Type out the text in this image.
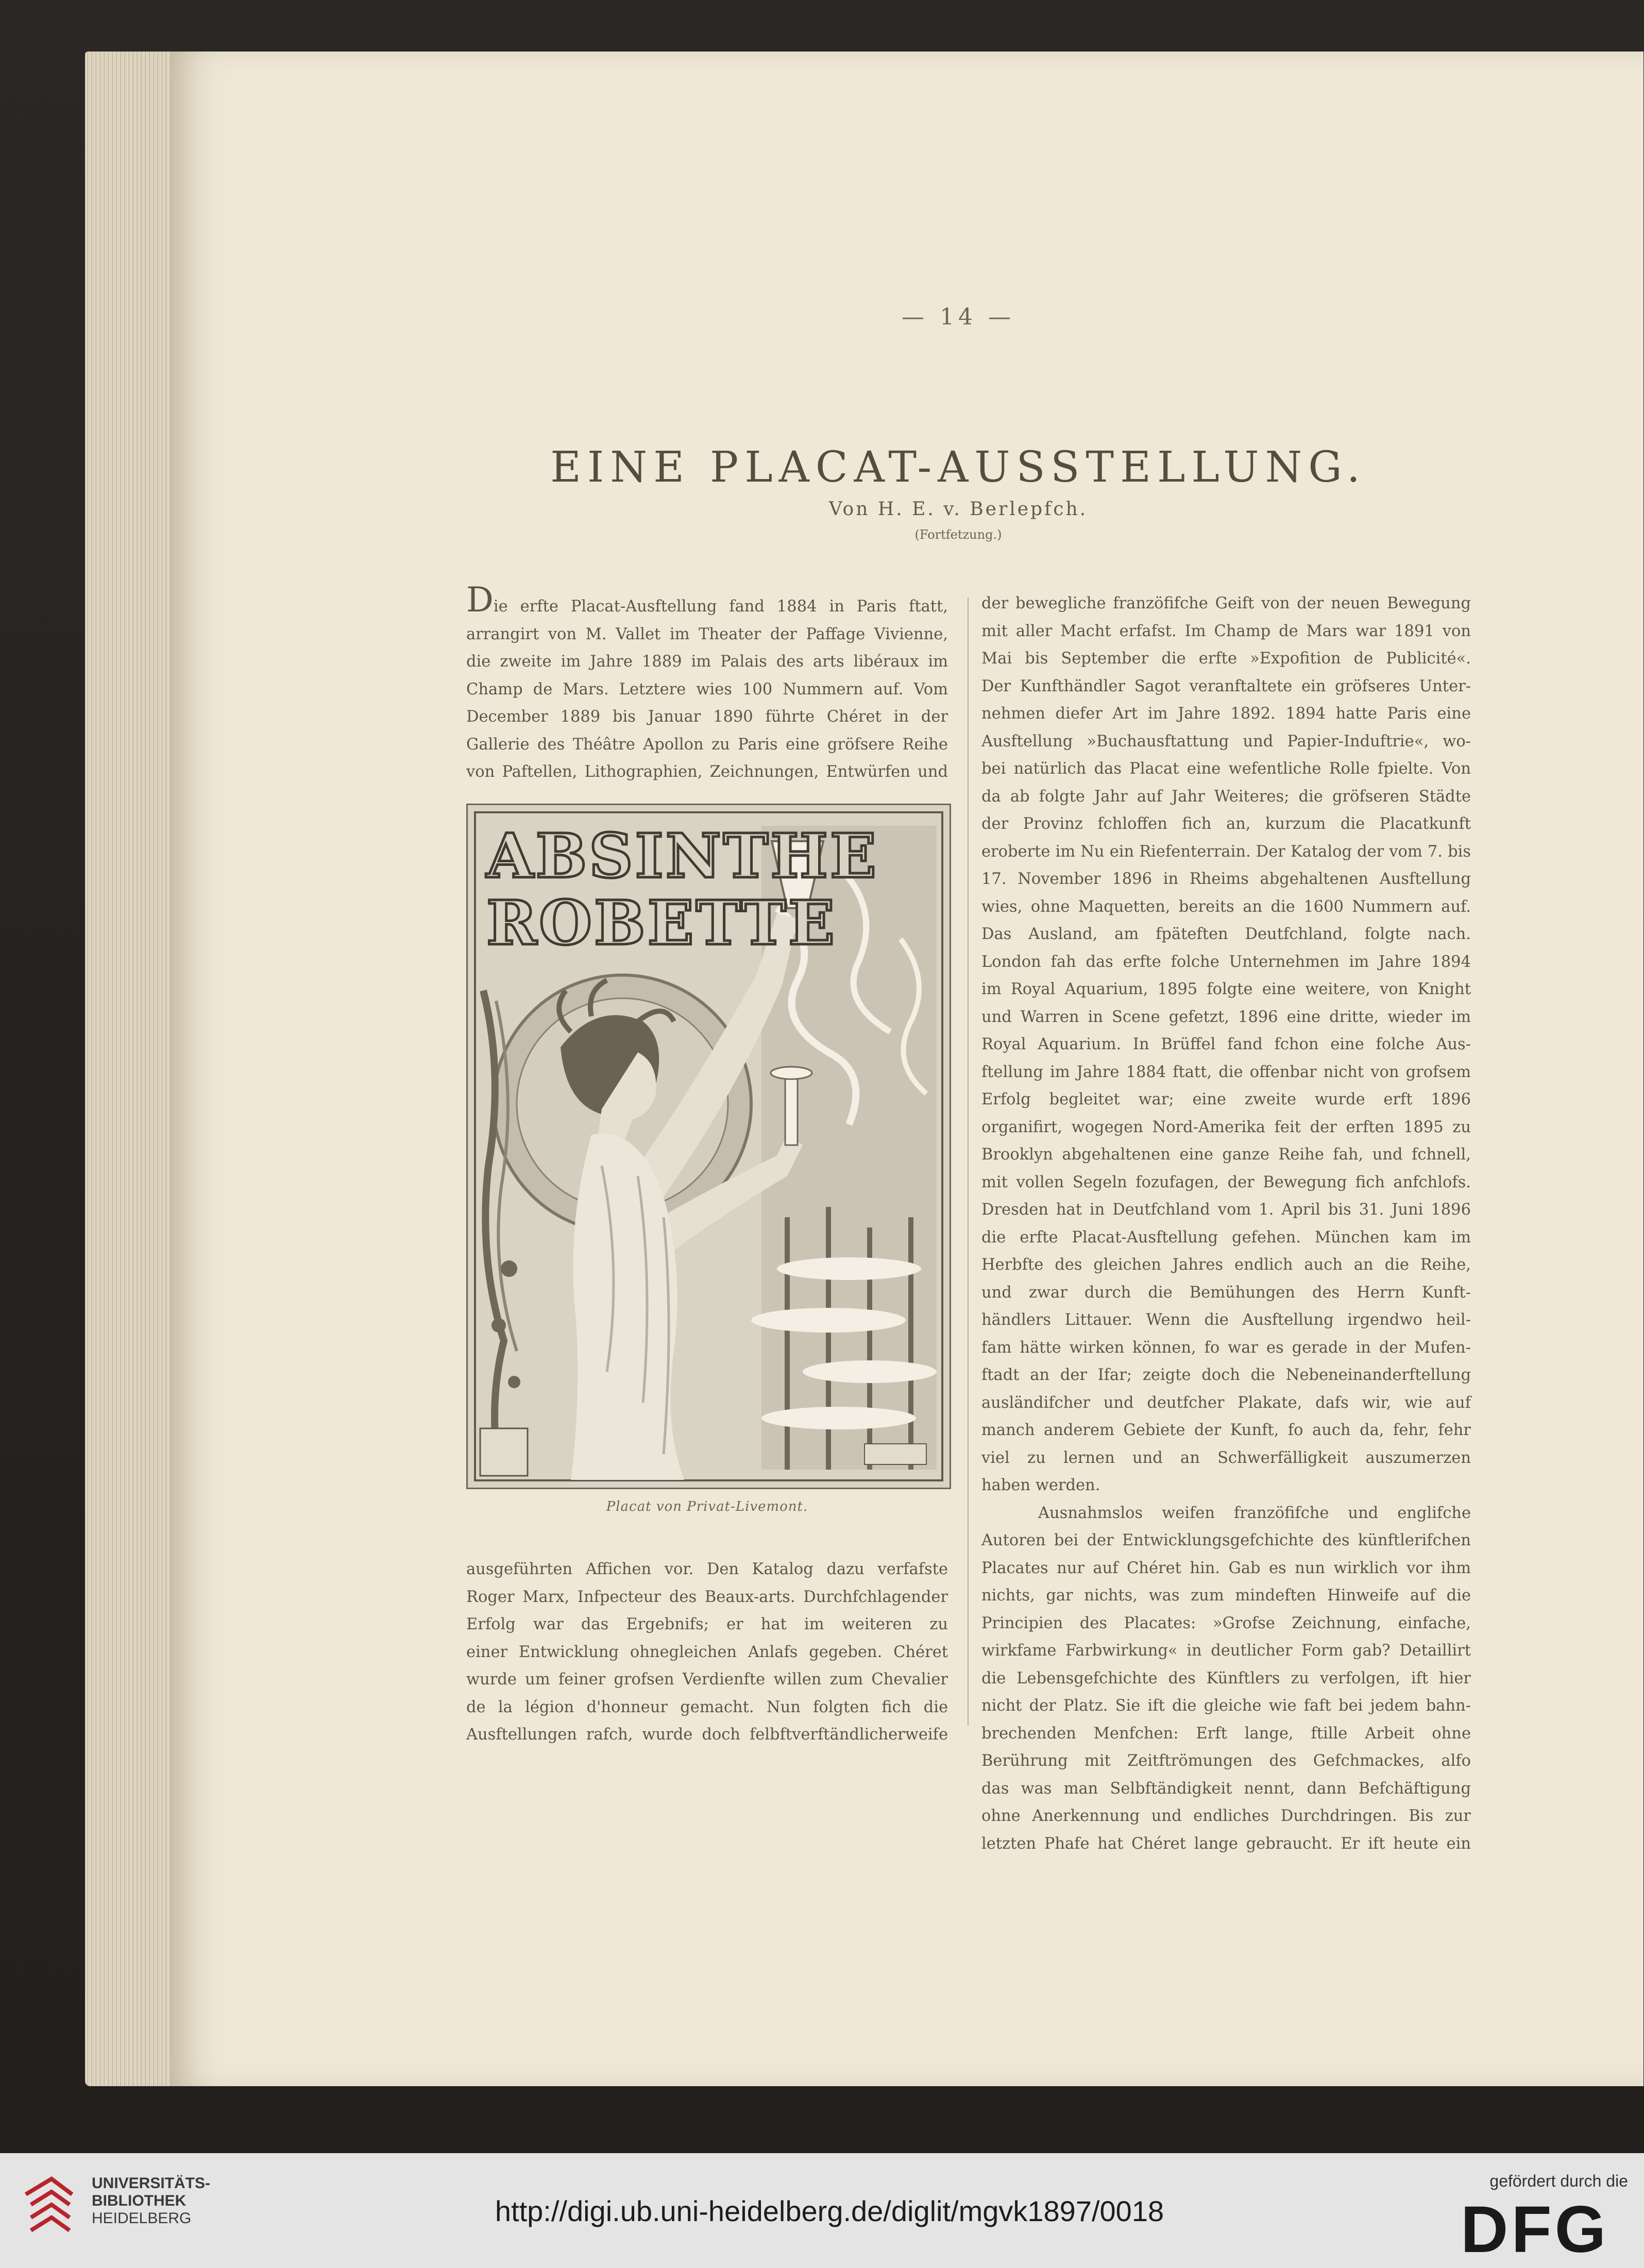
— 14 —
EINE PLACAT-AUSSTELLUNG.
Von H. E. v. Berlepfch.
(Fortfetzung.)
Die erfte Placat-Ausftellung fand 1884 in Paris ftatt,
arrangirt von M. Vallet im Theater der Paffage Vivienne,
die zweite im Jahre 1889 im Palais des arts libéraux im
Champ de Mars. Letztere wies 100 Nummern auf. Vom
December 1889 bis Januar 1890 führte Chéret in der
Gallerie des Théâtre Apollon zu Paris eine gröfsere Reihe
von Paftellen, Lithographien, Zeichnungen, Entwürfen und
ABSINTHE
ROBETTE
Placat von Privat-Livemont.
ausgeführten Affichen vor. Den Katalog dazu verfafste
Roger Marx, Infpecteur des Beaux-arts. Durchfchlagender
Erfolg war das Ergebnifs; er hat im weiteren zu
einer Entwicklung ohnegleichen Anlafs gegeben. Chéret
wurde um feiner grofsen Verdienfte willen zum Chevalier
de la légion d'honneur gemacht. Nun folgten fich die
Ausftellungen rafch, wurde doch felbftverftändlicherweife
der bewegliche franzöfifche Geift von der neuen Bewegung
mit aller Macht erfafst. Im Champ de Mars war 1891 von
Mai bis September die erfte »Expofition de Publicité«.
Der Kunfthändler Sagot veranftaltete ein gröfseres Unter-
nehmen diefer Art im Jahre 1892. 1894 hatte Paris eine
Ausftellung »Buchausftattung und Papier-Induftrie«, wo-
bei natürlich das Placat eine wefentliche Rolle fpielte. Von
da ab folgte Jahr auf Jahr Weiteres; die gröfseren Städte
der Provinz fchloffen fich an, kurzum die Placatkunft
eroberte im Nu ein Riefenterrain. Der Katalog der vom 7. bis
17. November 1896 in Rheims abgehaltenen Ausftellung
wies, ohne Maquetten, bereits an die 1600 Nummern auf.
Das Ausland, am fpäteften Deutfchland, folgte nach.
London fah das erfte folche Unternehmen im Jahre 1894
im Royal Aquarium, 1895 folgte eine weitere, von Knight
und Warren in Scene gefetzt, 1896 eine dritte, wieder im
Royal Aquarium. In Brüffel fand fchon eine folche Aus-
ftellung im Jahre 1884 ftatt, die offenbar nicht von grofsem
Erfolg begleitet war; eine zweite wurde erft 1896
organifirt, wogegen Nord-Amerika feit der erften 1895 zu
Brooklyn abgehaltenen eine ganze Reihe fah, und fchnell,
mit vollen Segeln fozufagen, der Bewegung fich anfchlofs.
Dresden hat in Deutfchland vom 1. April bis 31. Juni 1896
die erfte Placat-Ausftellung gefehen. München kam im
Herbfte des gleichen Jahres endlich auch an die Reihe,
und zwar durch die Bemühungen des Herrn Kunft-
händlers Littauer. Wenn die Ausftellung irgendwo heil-
fam hätte wirken können, fo war es gerade in der Mufen-
ftadt an der Ifar; zeigte doch die Nebeneinanderftellung
ausländifcher und deutfcher Plakate, dafs wir, wie auf
manch anderem Gebiete der Kunft, fo auch da, fehr, fehr
viel zu lernen und an Schwerfälligkeit auszumerzen
haben werden.
Ausnahmslos weifen franzöfifche und englifche
Autoren bei der Entwicklungsgefchichte des künftlerifchen
Placates nur auf Chéret hin. Gab es nun wirklich vor ihm
nichts, gar nichts, was zum mindeften Hinweife auf die
Principien des Placates: »Grofse Zeichnung, einfache,
wirkfame Farbwirkung« in deutlicher Form gab? Detaillirt
die Lebensgefchichte des Künftlers zu verfolgen, ift hier
nicht der Platz. Sie ift die gleiche wie faft bei jedem bahn-
brechenden Menfchen: Erft lange, ftille Arbeit ohne
Berührung mit Zeitftrömungen des Gefchmackes, alfo
das was man Selbftändigkeit nennt, dann Befchäftigung
ohne Anerkennung und endliches Durchdringen. Bis zur
letzten Phafe hat Chéret lange gebraucht. Er ift heute ein
UNIVERSITÄTS-
BIBLIOTHEK
HEIDELBERG	http://digi.ub.uni-heidelberg.de/diglit/mgvk1897/0018
gefördert durch die
DFG
